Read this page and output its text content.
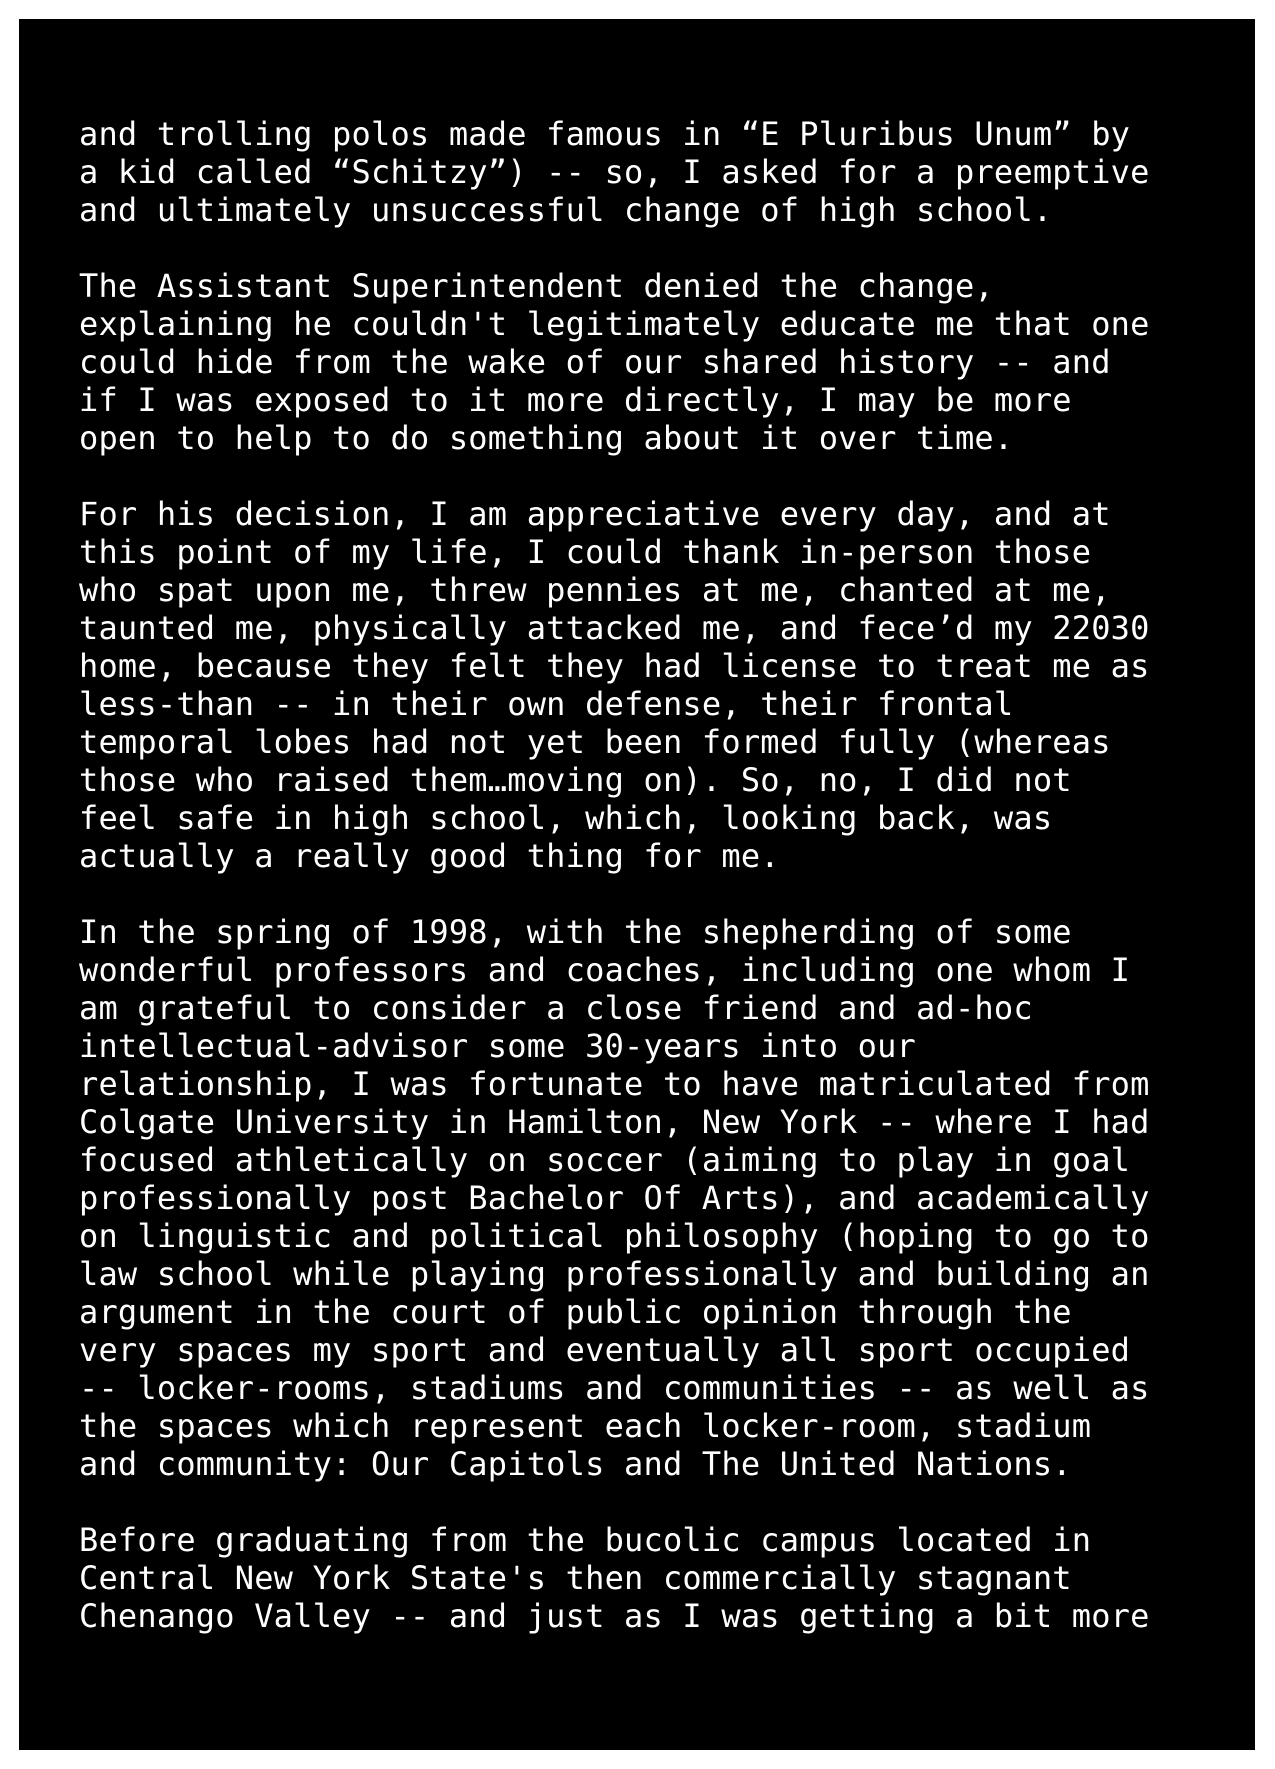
and trolling polos made famous in “E Pluribus Unum” by
a kid called “Schitzy”) -- so, I asked for a preemptive
and ultimately unsuccessful change of high school.
The Assistant Superintendent denied the change,
explaining he couldn't legitimately educate me that one
could hide from the wake of our shared history -- and
if I was exposed to it more directly, I may be more
open to help to do something about it over time.
For his decision, I am appreciative every day, and at
this point of my life, I could thank in-person those
who spat upon me, threw pennies at me, chanted at me,
taunted me, physically attacked me, and fece’d my 22030
home, because they felt they had license to treat me as
less-than -- in their own defense, their frontal
temporal lobes had not yet been formed fully (whereas
those who raised them…moving on). So, no, I did not
feel safe in high school, which, looking back, was
actually a really good thing for me.
In the spring of 1998, with the shepherding of some
wonderful professors and coaches, including one whom I
am grateful to consider a close friend and ad-hoc
intellectual-advisor some 30-years into our
relationship, I was fortunate to have matriculated from
Colgate University in Hamilton, New York -- where I had
focused athletically on soccer (aiming to play in goal
professionally post Bachelor Of Arts), and academically
on linguistic and political philosophy (hoping to go to
law school while playing professionally and building an
argument in the court of public opinion through the
very spaces my sport and eventually all sport occupied
-- locker-rooms, stadiums and communities -- as well as
the spaces which represent each locker-room, stadium
and community: Our Capitols and The United Nations.
Before graduating from the bucolic campus located in
Central New York State's then commercially stagnant
Chenango Valley -- and just as I was getting a bit more
